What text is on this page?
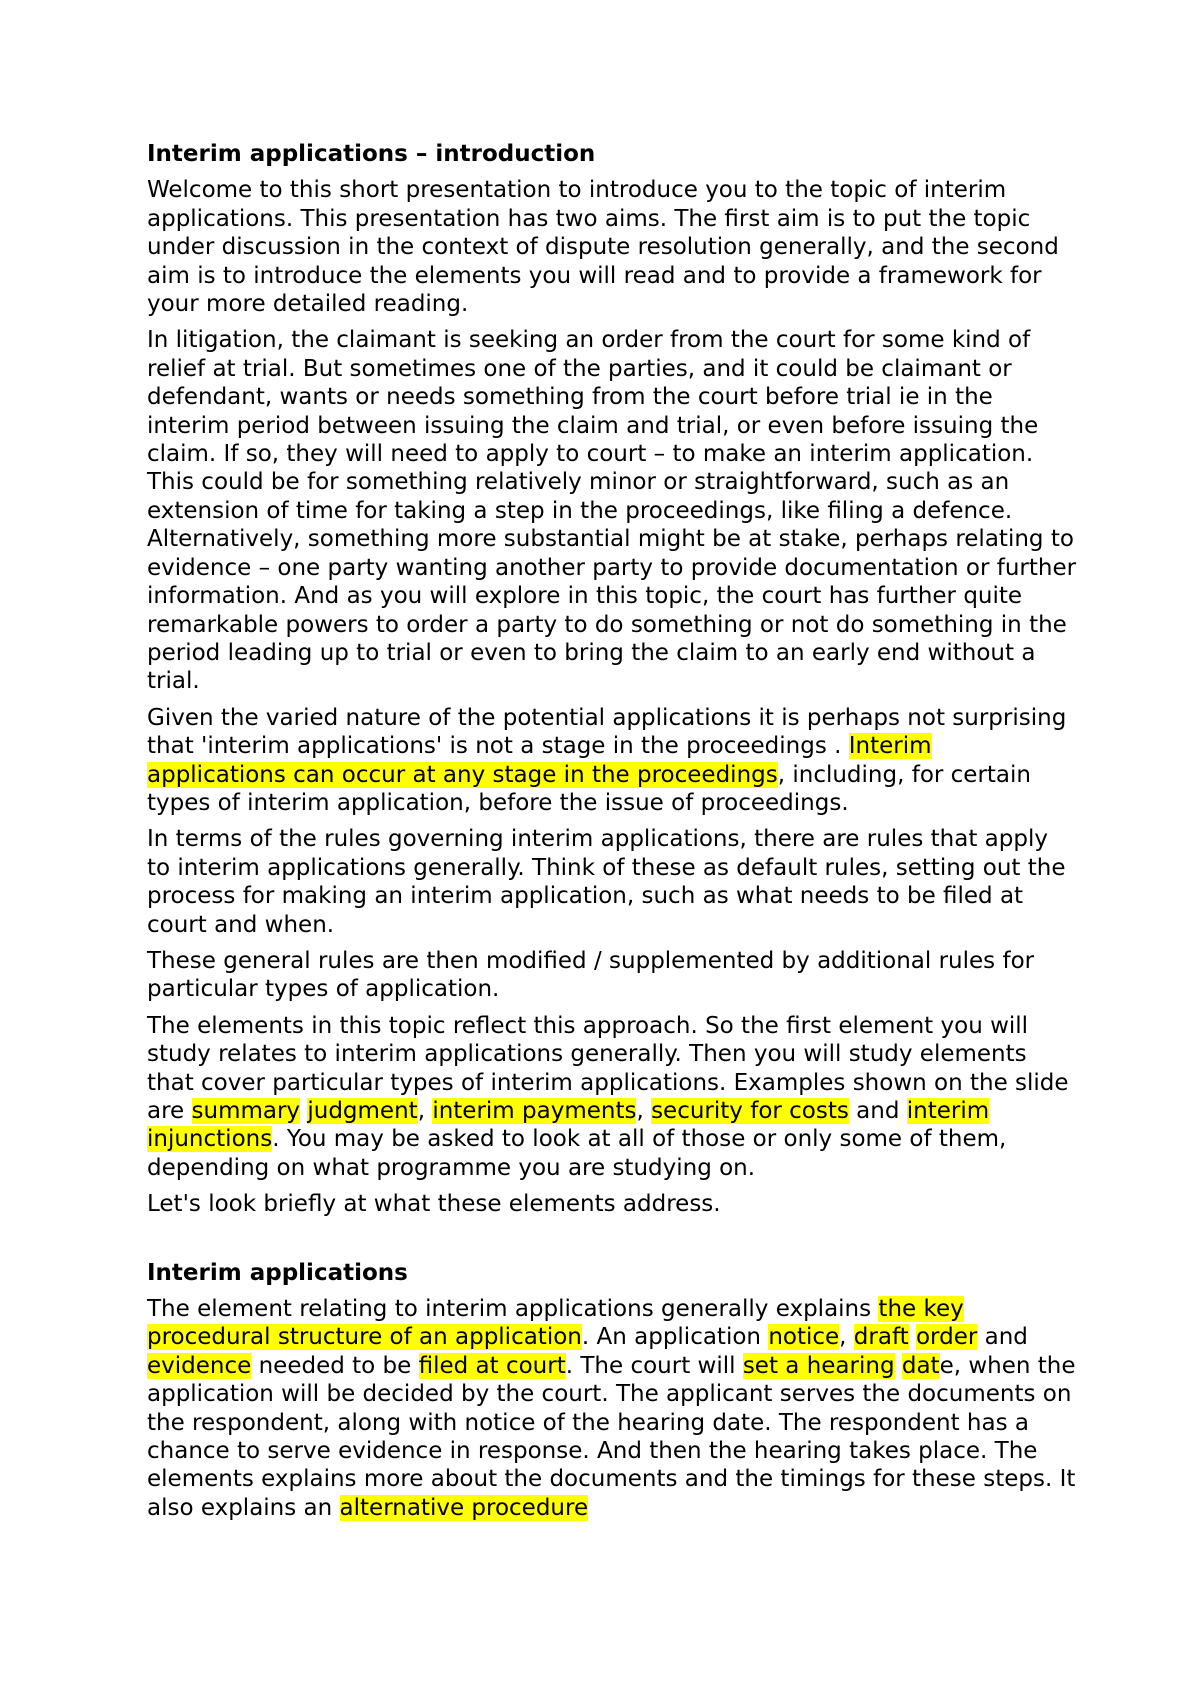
Interim applications – introduction

Welcome to this short presentation to introduce you to the topic of interim applications. This presentation has two aims. The first aim is to put the topic under discussion in the context of dispute resolution generally, and the second aim is to introduce the elements you will read and to provide a framework for your more detailed reading.

In litigation, the claimant is seeking an order from the court for some kind of relief at trial. But sometimes one of the parties, and it could be claimant or defendant, wants or needs something from the court before trial ie in the interim period between issuing the claim and trial, or even before issuing the claim. If so, they will need to apply to court – to make an interim application. This could be for something relatively minor or straightforward, such as an extension of time for taking a step in the proceedings, like filing a defence. Alternatively, something more substantial might be at stake, perhaps relating to evidence – one party wanting another party to provide documentation or further information. And as you will explore in this topic, the court has further quite remarkable powers to order a party to do something or not do something in the period leading up to trial or even to bring the claim to an early end without a trial.

Given the varied nature of the potential applications it is perhaps not surprising that 'interim applications' is not a stage in the proceedings . Interim applications can occur at any stage in the proceedings, including, for certain types of interim application, before the issue of proceedings.

In terms of the rules governing interim applications, there are rules that apply to interim applications generally. Think of these as default rules, setting out the process for making an interim application, such as what needs to be filed at court and when.

These general rules are then modified / supplemented by additional rules for particular types of application.

The elements in this topic reflect this approach. So the first element you will study relates to interim applications generally. Then you will study elements that cover particular types of interim applications. Examples shown on the slide are summary judgment, interim payments, security for costs and interim injunctions. You may be asked to look at all of those or only some of them, depending on what programme you are studying on.

Let's look briefly at what these elements address.

Interim applications

The element relating to interim applications generally explains the key procedural structure of an application. An application notice, draft order and evidence needed to be filed at court. The court will set a hearing date, when the application will be decided by the court. The applicant serves the documents on the respondent, along with notice of the hearing date. The respondent has a chance to serve evidence in response. And then the hearing takes place. The elements explains more about the documents and the timings for these steps. It also explains an alternative procedure
